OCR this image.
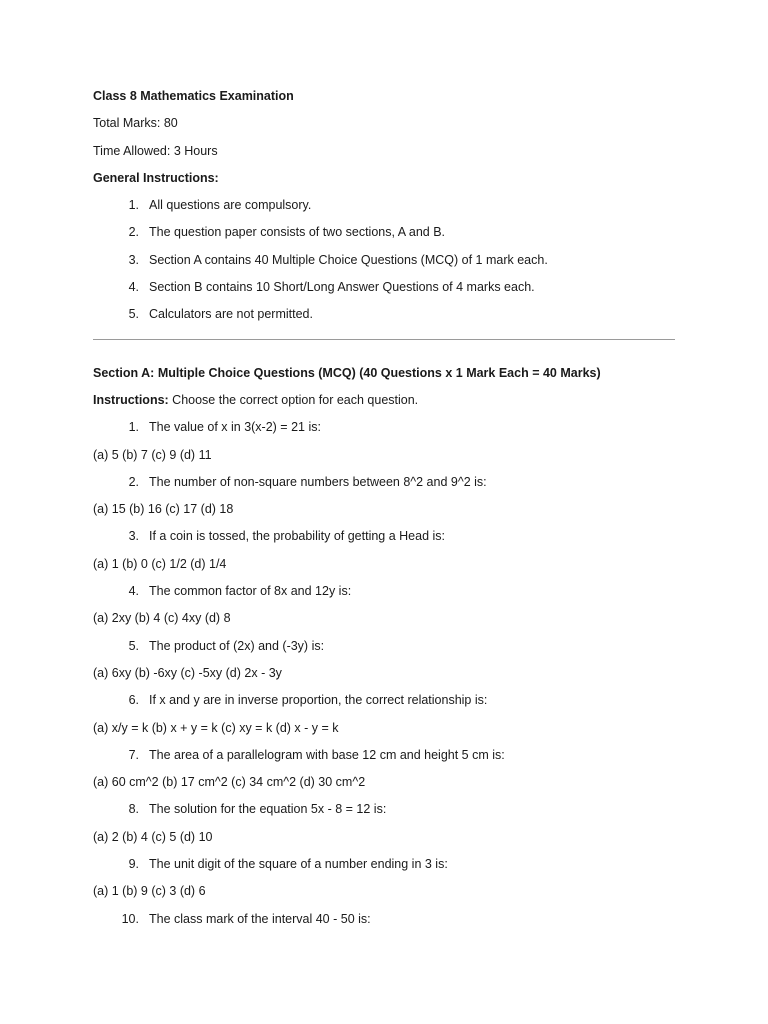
Class 8 Mathematics Examination
Total Marks: 80
Time Allowed: 3 Hours
General Instructions:
1. All questions are compulsory.
2. The question paper consists of two sections, A and B.
3. Section A contains 40 Multiple Choice Questions (MCQ) of 1 mark each.
4. Section B contains 10 Short/Long Answer Questions of 4 marks each.
5. Calculators are not permitted.
Section A: Multiple Choice Questions (MCQ) (40 Questions x 1 Mark Each = 40 Marks)
Instructions: Choose the correct option for each question.
1. The value of x in 3(x-2) = 21 is:
(a) 5 (b) 7 (c) 9 (d) 11
2. The number of non-square numbers between 8^2 and 9^2 is:
(a) 15 (b) 16 (c) 17 (d) 18
3. If a coin is tossed, the probability of getting a Head is:
(a) 1 (b) 0 (c) 1/2 (d) 1/4
4. The common factor of 8x and 12y is:
(a) 2xy (b) 4 (c) 4xy (d) 8
5. The product of (2x) and (-3y) is:
(a) 6xy (b) -6xy (c) -5xy (d) 2x - 3y
6. If x and y are in inverse proportion, the correct relationship is:
(a) x/y = k (b) x + y = k (c) xy = k (d) x - y = k
7. The area of a parallelogram with base 12 cm and height 5 cm is:
(a) 60 cm^2 (b) 17 cm^2 (c) 34 cm^2 (d) 30 cm^2
8. The solution for the equation 5x - 8 = 12 is:
(a) 2 (b) 4 (c) 5 (d) 10
9. The unit digit of the square of a number ending in 3 is:
(a) 1 (b) 9 (c) 3 (d) 6
10. The class mark of the interval 40 - 50 is:
